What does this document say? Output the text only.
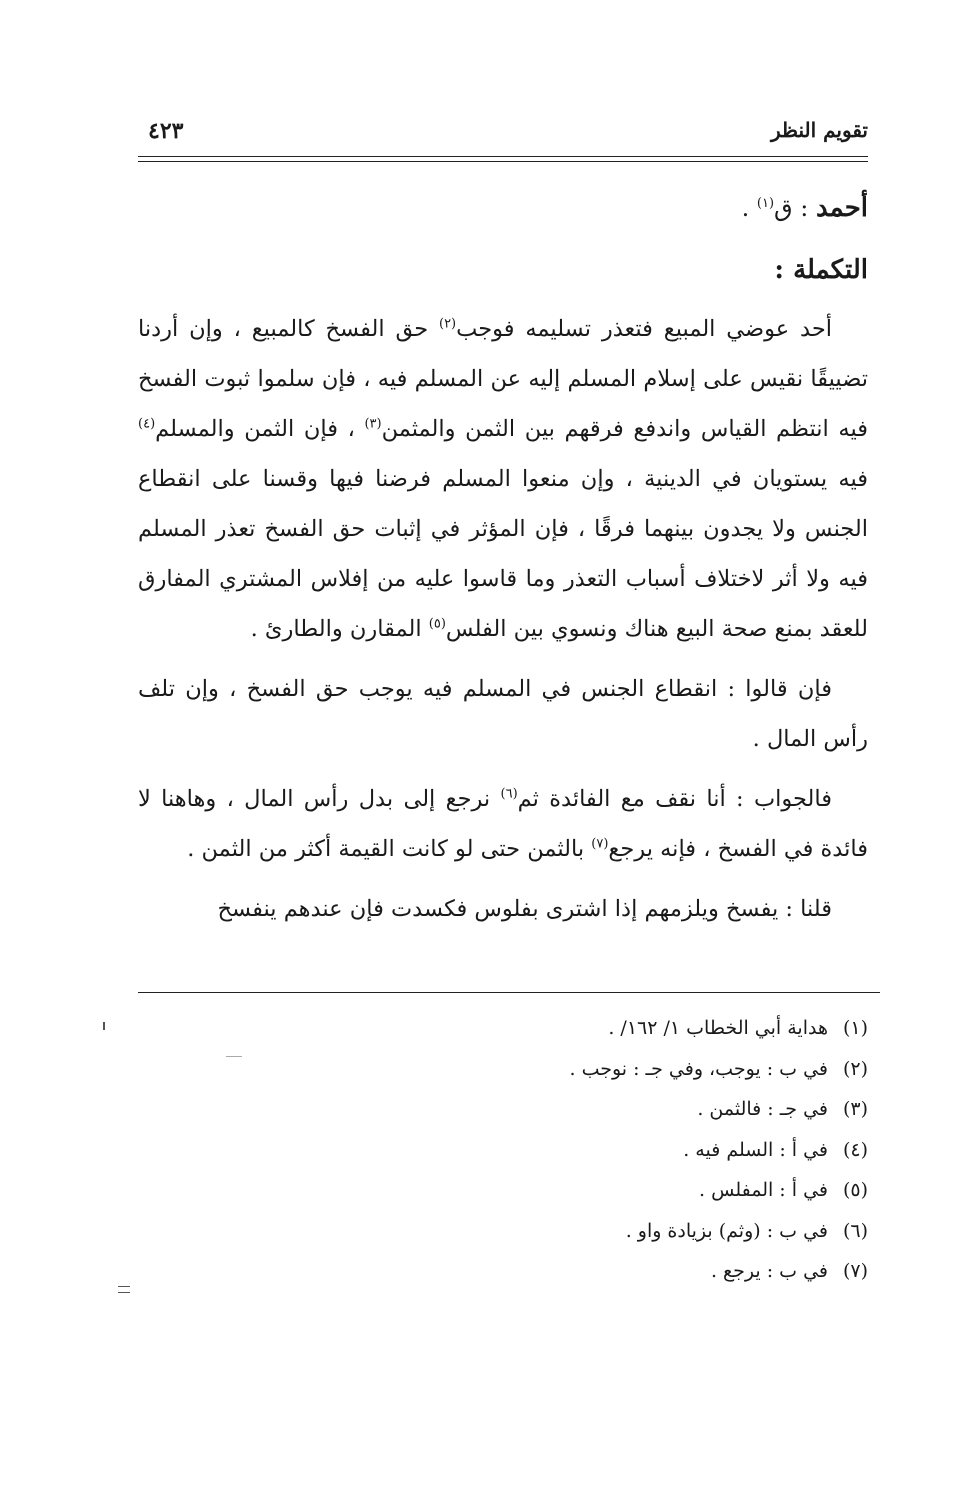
تقويم النظر
٤٢٣

أحمد : ق$^{(١)}$ .

التكملة :

أحد عوضي المبيع فتعذر تسليمه فوجب$^{(٢)}$ حق الفسخ كالمبيع ، وإن أردنا تضييقًا نقيس على إسلام المسلم إليه عن المسلم فيه ، فإن سلموا ثبوت الفسخ فيه انتظم القياس واندفع فرقهم بين الثمن والمثمن$^{(٣)}$ ، فإن الثمن والمسلم$^{(٤)}$ فيه يستويان في الدينية ، وإن منعوا المسلم فرضنا فيها وقسنا على انقطاع الجنس ولا يجدون بينهما فرقًا ، فإن المؤثر في إثبات حق الفسخ تعذر المسلم فيه ولا أثر لاختلاف أسباب التعذر وما قاسوا عليه من إفلاس المشتري المفارق للعقد بمنع صحة البيع هناك ونسوي بين الفلس$^{(٥)}$ المقارن والطارئ .

فإن قالوا : انقطاع الجنس في المسلم فيه يوجب حق الفسخ ، وإن تلف رأس المال .

فالجواب : أنا نقف مع الفائدة ثم$^{(٦)}$ نرجع إلى بدل رأس المال ، وهاهنا لا فائدة في الفسخ ، فإنه يرجع$^{(٧)}$ بالثمن حتى لو كانت القيمة أكثر من الثمن .

قلنا : يفسخ ويلزمهم إذا اشترى بفلوس فكسدت فإن عندهم ينفسخ

(١)هداية أبي الخطاب ١/ ١٦٢/ .
(٢)في ب : يوجب، وفي جـ : نوجب .
(٣)في جـ : فالثمن .
(٤)في أ : السلم فيه .
(٥)في أ : المفلس .
(٦)في ب : (وثم) بزيادة واو .
(٧)في ب : يرجع .
